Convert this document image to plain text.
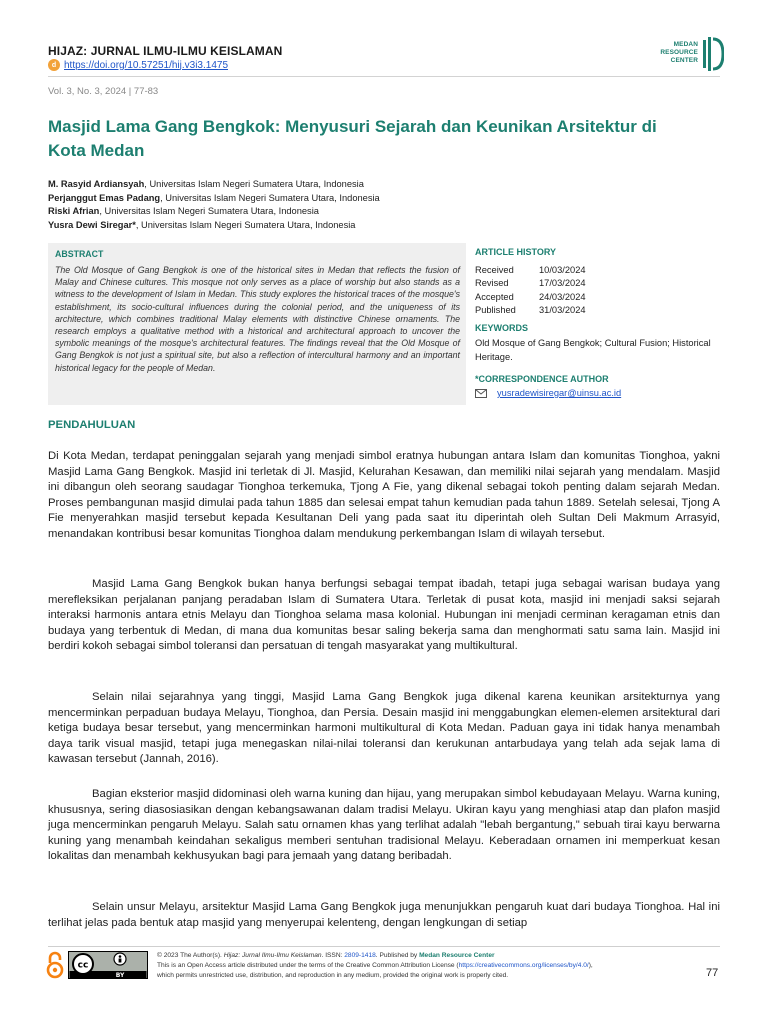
HIJAZ: JURNAL ILMU-ILMU KEISLAMAN
d https://doi.org/10.57251/hij.v3i3.1475
MEDAN
RESOURCE
CENTER
Vol. 3, No. 3, 2024 | 77-83
Masjid Lama Gang Bengkok: Menyusuri Sejarah dan Keunikan Arsitektur di Kota Medan
M. Rasyid Ardiansyah, Universitas Islam Negeri Sumatera Utara, Indonesia
Perjanggut Emas Padang, Universitas Islam Negeri Sumatera Utara, Indonesia
Riski Afrian, Universitas Islam Negeri Sumatera Utara, Indonesia
Yusra Dewi Siregar*, Universitas Islam Negeri Sumatera Utara, Indonesia
ABSTRACT

The Old Mosque of Gang Bengkok is one of the historical sites in Medan that reflects the fusion of Malay and Chinese cultures. This mosque not only serves as a place of worship but also stands as a witness to the development of Islam in Medan. This study explores the historical traces of the mosque's establishment, its socio-cultural influences during the colonial period, and the uniqueness of its architecture, which combines traditional Malay elements with distinctive Chinese ornaments. The research employs a qualitative method with a historical and architectural approach to uncover the symbolic meanings of the mosque's architectural features. The findings reveal that the Old Mosque of Gang Bengkok is not just a spiritual site, but also a reflection of intercultural harmony and an important historical legacy for the people of Medan.

ARTICLE HISTORY
Received	10/03/2024
Revised	17/03/2024
Accepted	24/03/2024
Published	31/03/2024
KEYWORDS
Old Mosque of Gang Bengkok; Cultural Fusion; Historical Heritage.
*CORRESPONDENCE AUTHOR
yusradewisiregar@uinsu.ac.id
PENDAHULUAN

Di Kota Medan, terdapat peninggalan sejarah yang menjadi simbol eratnya hubungan antara Islam dan komunitas Tionghoa, yakni Masjid Lama Gang Bengkok. Masjid ini terletak di Jl. Masjid, Kelurahan Kesawan, dan memiliki nilai sejarah yang mendalam. Masjid ini dibangun oleh seorang saudagar Tionghoa terkemuka, Tjong A Fie, yang dikenal sebagai tokoh penting dalam sejarah Medan. Proses pembangunan masjid dimulai pada tahun 1885 dan selesai empat tahun kemudian pada tahun 1889. Setelah selesai, Tjong A Fie menyerahkan masjid tersebut kepada Kesultanan Deli yang pada saat itu diperintah oleh Sultan Deli Makmum Arrasyid, menandakan kontribusi besar komunitas Tionghoa dalam mendukung perkembangan Islam di wilayah tersebut.

Masjid Lama Gang Bengkok bukan hanya berfungsi sebagai tempat ibadah, tetapi juga sebagai warisan budaya yang merefleksikan perjalanan panjang peradaban Islam di Sumatera Utara. Terletak di pusat kota, masjid ini menjadi saksi sejarah interaksi harmonis antara etnis Melayu dan Tionghoa selama masa kolonial. Hubungan ini menjadi cerminan keragaman etnis dan budaya yang terbentuk di Medan, di mana dua komunitas besar saling bekerja sama dan menghormati satu sama lain. Masjid ini berdiri kokoh sebagai simbol toleransi dan persatuan di tengah masyarakat yang multikultural.

Selain nilai sejarahnya yang tinggi, Masjid Lama Gang Bengkok juga dikenal karena keunikan arsitekturnya yang mencerminkan perpaduan budaya Melayu, Tionghoa, dan Persia. Desain masjid ini menggabungkan elemen-elemen arsitektural dari ketiga budaya besar tersebut, yang mencerminkan harmoni multikultural di Kota Medan. Paduan gaya ini tidak hanya menambah daya tarik visual masjid, tetapi juga menegaskan nilai-nilai toleransi dan kerukunan antarbudaya yang telah ada sejak lama di kawasan tersebut (Jannah, 2016).

Bagian eksterior masjid didominasi oleh warna kuning dan hijau, yang merupakan simbol kebudayaan Melayu. Warna kuning, khususnya, sering diasosiasikan dengan kebangsawanan dalam tradisi Melayu. Ukiran kayu yang menghiasi atap dan plafon masjid juga mencerminkan pengaruh Melayu. Salah satu ornamen khas yang terlihat adalah "lebah bergantung," sebuah tirai kayu berwarna kuning yang menambah keindahan sekaligus memberi sentuhan tradisional Melayu. Keberadaan ornamen ini memperkuat kesan lokalitas dan menambah kekhusyukan bagi para jemaah yang datang beribadah.

Selain unsur Melayu, arsitektur Masjid Lama Gang Bengkok juga menunjukkan pengaruh kuat dari budaya Tionghoa. Hal ini terlihat jelas pada bentuk atap masjid yang menyerupai kelenteng, dengan lengkungan di setiap

cc
BY
© 2023 The Author(s). Hijaz: Jurnal Ilmu-Ilmu Keislaman. ISSN: 2809-1418. Published by Medan Resource Center
This is an Open Access article distributed under the terms of the Creative Common Attribution License (https://creativecommons.org/licenses/by/4.0/),
which permits unrestricted use, distribution, and reproduction in any medium, provided the original work is properly cited.	77
